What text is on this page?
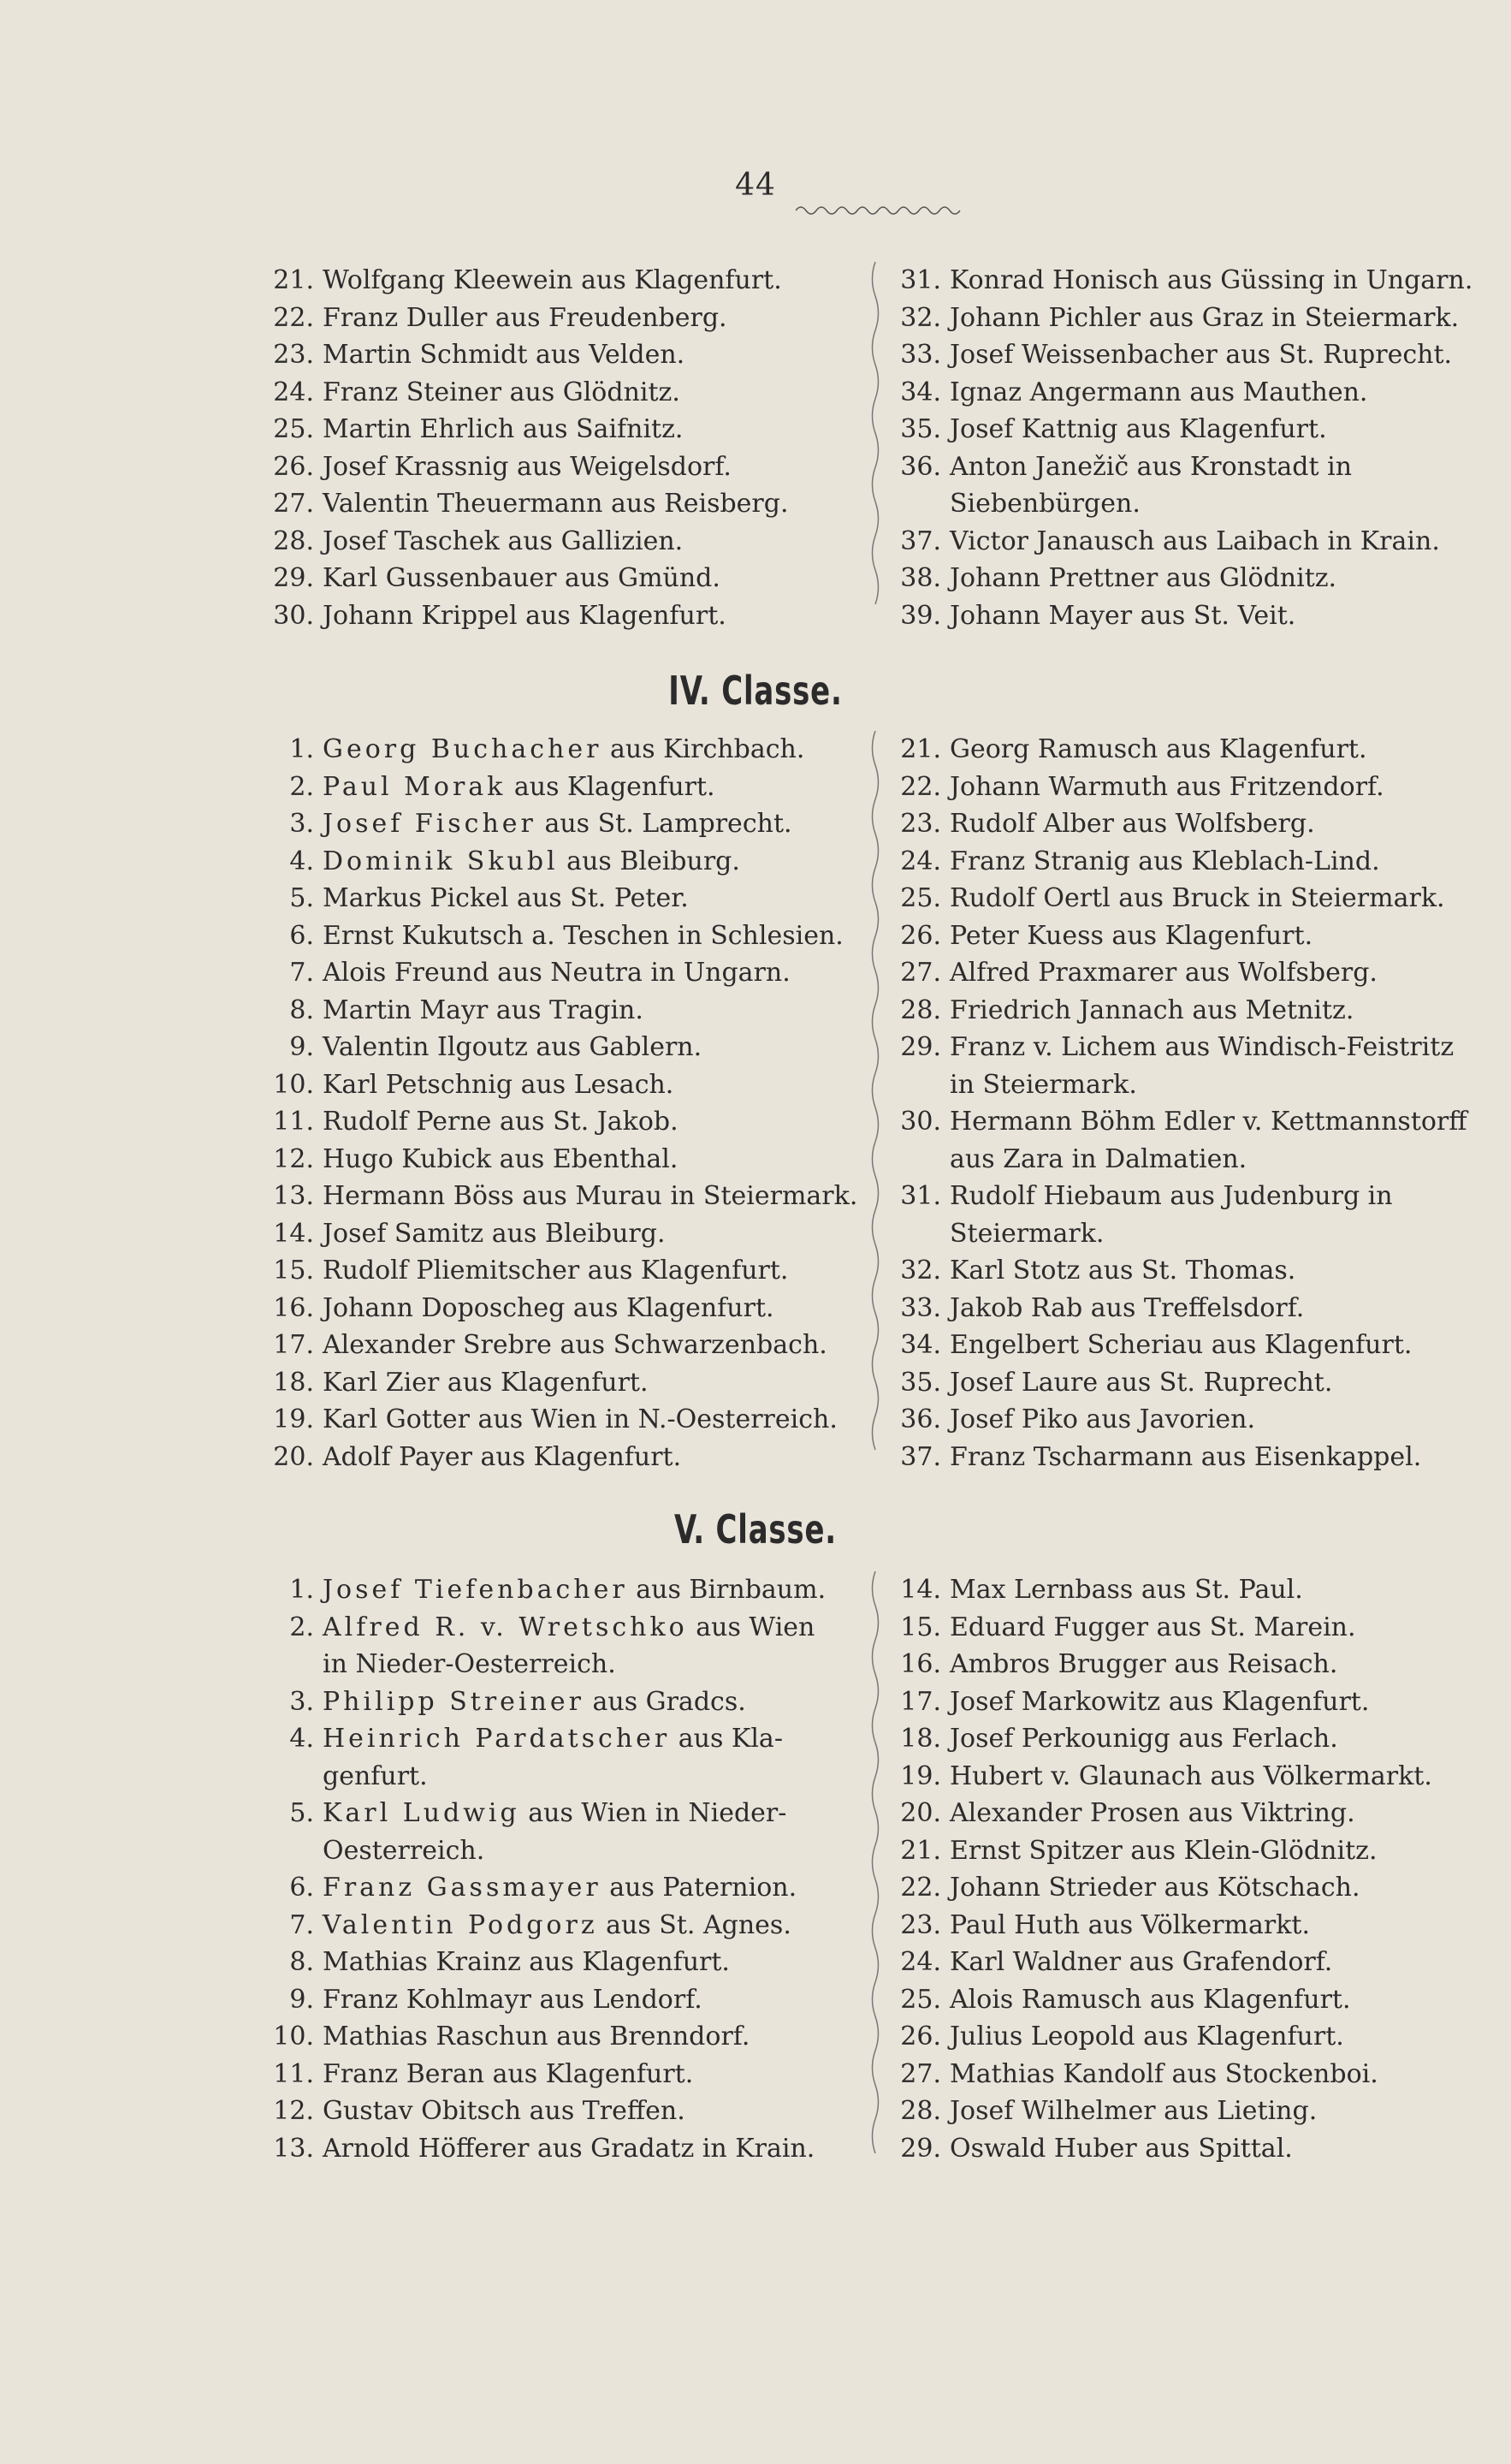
44
21. Wolfgang Kleewein aus Klagenfurt.
22. Franz Duller aus Freudenberg.
23. Martin Schmidt aus Velden.
24. Franz Steiner aus Glödnitz.
25. Martin Ehrlich aus Saifnitz.
26. Josef Krassnig aus Weigelsdorf.
27. Valentin Theuermann aus Reisberg.
28. Josef Taschek aus Gallizien.
29. Karl Gussenbauer aus Gmünd.
30. Johann Krippel aus Klagenfurt.
31. Konrad Honisch aus Güssing in Ungarn.
32. Johann Pichler aus Graz in Steiermark.
33. Josef Weissenbacher aus St. Ruprecht.
34. Ignaz Angermann aus Mauthen.
35. Josef Kattnig aus Klagenfurt.
36. Anton Janežič aus Kronstadt in Siebenbürgen.
37. Victor Janausch aus Laibach in Krain.
38. Johann Prettner aus Glödnitz.
39. Johann Mayer aus St. Veit.
IV. Classe.
1. Georg Buchacher aus Kirchbach.
2. Paul Morak aus Klagenfurt.
3. Josef Fischer aus St. Lamprecht.
4. Dominik Skubl aus Bleiburg.
5. Markus Pickel aus St. Peter.
6. Ernst Kukutsch a. Teschen in Schlesien.
7. Alois Freund aus Neutra in Ungarn.
8. Martin Mayr aus Tragin.
9. Valentin Ilgoutz aus Gablern.
10. Karl Petschnig aus Lesach.
11. Rudolf Perne aus St. Jakob.
12. Hugo Kubick aus Ebenthal.
13. Hermann Böss aus Murau in Steiermark.
14. Josef Samitz aus Bleiburg.
15. Rudolf Pliemitscher aus Klagenfurt.
16. Johann Doposcheg aus Klagenfurt.
17. Alexander Srebre aus Schwarzenbach.
18. Karl Zier aus Klagenfurt.
19. Karl Gotter aus Wien in N.-Oesterreich.
20. Adolf Payer aus Klagenfurt.
21. Georg Ramusch aus Klagenfurt.
22. Johann Warmuth aus Fritzendorf.
23. Rudolf Alber aus Wolfsberg.
24. Franz Stranig aus Kleblach-Lind.
25. Rudolf Oertl aus Bruck in Steiermark.
26. Peter Kuess aus Klagenfurt.
27. Alfred Praxmarer aus Wolfsberg.
28. Friedrich Jannach aus Metnitz.
29. Franz v. Lichem aus Windisch-Feistritz
in Steiermark.
30. Hermann Böhm Edler v. Kettmannstorff
aus Zara in Dalmatien.
31. Rudolf Hiebaum aus Judenburg in
Steiermark.
32. Karl Stotz aus St. Thomas.
33. Jakob Rab aus Treffelsdorf.
34. Engelbert Scheriau aus Klagenfurt.
35. Josef Laure aus St. Ruprecht.
36. Josef Piko aus Javorien.
37. Franz Tscharmann aus Eisenkappel.
V. Classe.
1. Josef Tiefenbacher aus Birnbaum.
2. Alfred R. v. Wretschko aus Wien
in Nieder-Oesterreich.
3. Philipp Streiner aus Gradcs.
4. Heinrich Pardatscher aus Kla-
genfurt.
5. Karl Ludwig aus Wien in Nieder-
Oesterreich.
6. Franz Gassmayer aus Paternion.
7. Valentin Podgorz aus St. Agnes.
8. Mathias Krainz aus Klagenfurt.
9. Franz Kohlmayr aus Lendorf.
10. Mathias Raschun aus Brenndorf.
11. Franz Beran aus Klagenfurt.
12. Gustav Obitsch aus Treffen.
13. Arnold Höfferer aus Gradatz in Krain.
14. Max Lernbass aus St. Paul.
15. Eduard Fugger aus St. Marein.
16. Ambros Brugger aus Reisach.
17. Josef Markowitz aus Klagenfurt.
18. Josef Perkounigg aus Ferlach.
19. Hubert v. Glaunach aus Völkermarkt.
20. Alexander Prosen aus Viktring.
21. Ernst Spitzer aus Klein-Glödnitz.
22. Johann Strieder aus Kötschach.
23. Paul Huth aus Völkermarkt.
24. Karl Waldner aus Grafendorf.
25. Alois Ramusch aus Klagenfurt.
26. Julius Leopold aus Klagenfurt.
27. Mathias Kandolf aus Stockenboi.
28. Josef Wilhelmer aus Lieting.
29. Oswald Huber aus Spittal.
